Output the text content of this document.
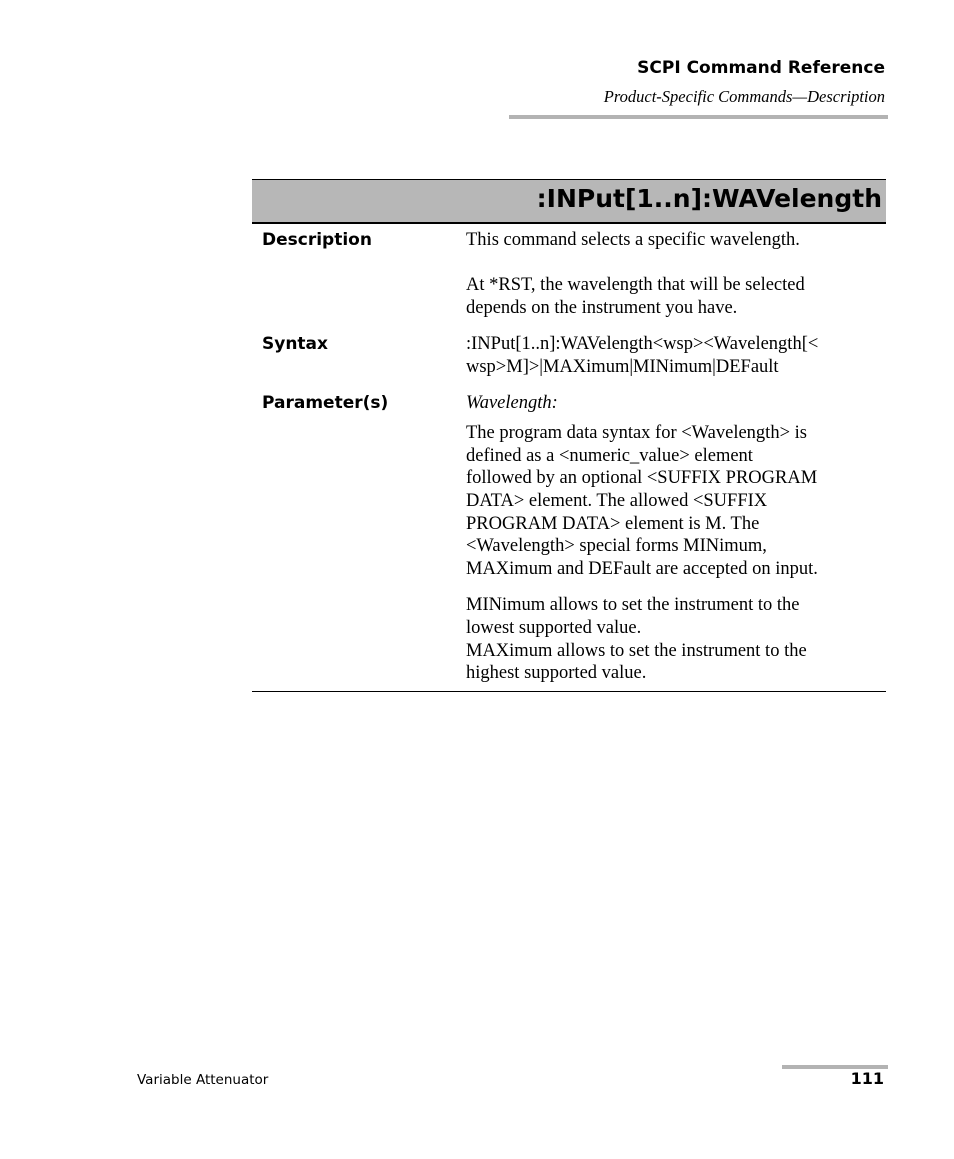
SCPI Command Reference
Product-Specific Commands—Description
:INPut[1..n]:WAVelength
Description	This command selects a specific wavelength.
At *RST, the wavelength that will be selected
depends on the instrument you have.
Syntax	:INPut[1..n]:WAVelength<wsp><Wavelength[<
wsp>M]>|MAXimum|MINimum|DEFault
Parameter(s)	Wavelength:
The program data syntax for <Wavelength> is
defined as a <numeric_value> element
followed by an optional <SUFFIX PROGRAM
DATA> element. The allowed <SUFFIX
PROGRAM DATA> element is M. The
<Wavelength> special forms MINimum,
MAXimum and DEFault are accepted on input.
MINimum allows to set the instrument to the
lowest supported value.
MAXimum allows to set the instrument to the
highest supported value.
Variable Attenuator	111
